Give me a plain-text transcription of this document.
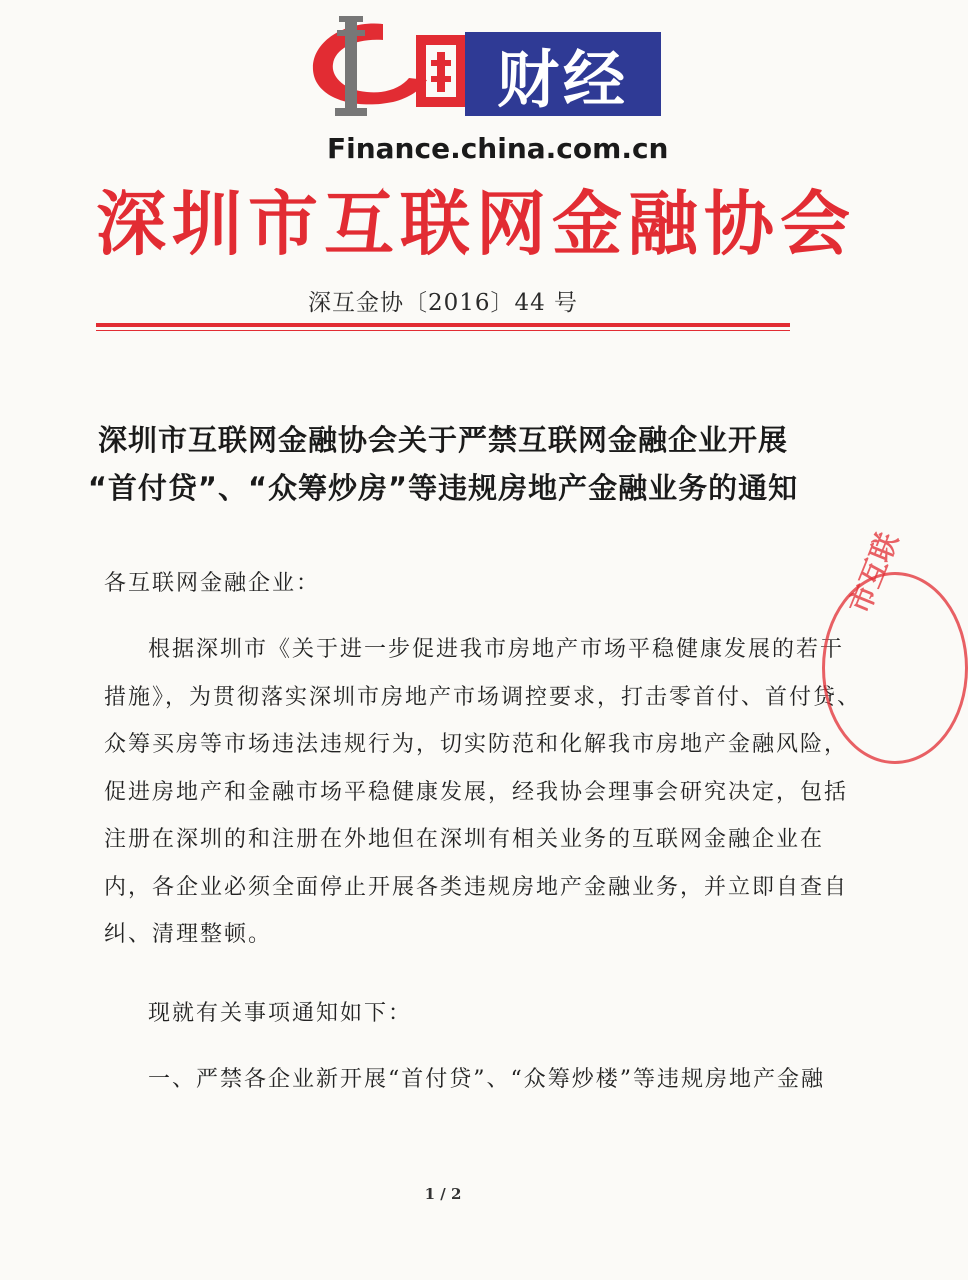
财经
Finance.china.com.cn
深圳市互联网金融协会
深互金协〔2016〕44 号
深圳市互联网金融协会关于严禁互联网金融企业开展
“首付贷”、“众筹炒房”等违规房地产金融业务的通知
各互联网金融企业：
根据深圳市《关于进一步促进我市房地产市场平稳健康发展的若干
措施》，为贯彻落实深圳市房地产市场调控要求，打击零首付、首付贷、
众筹买房等市场违法违规行为，切实防范和化解我市房地产金融风险，
促进房地产和金融市场平稳健康发展，经我协会理事会研究决定，包括
注册在深圳的和注册在外地但在深圳有相关业务的互联网金融企业在
内，各企业必须全面停止开展各类违规房地产金融业务，并立即自查自
纠、清理整顿。
现就有关事项通知如下：
一、严禁各企业新开展“首付贷”、“众筹炒楼”等违规房地产金融
市互联
1 / 2
